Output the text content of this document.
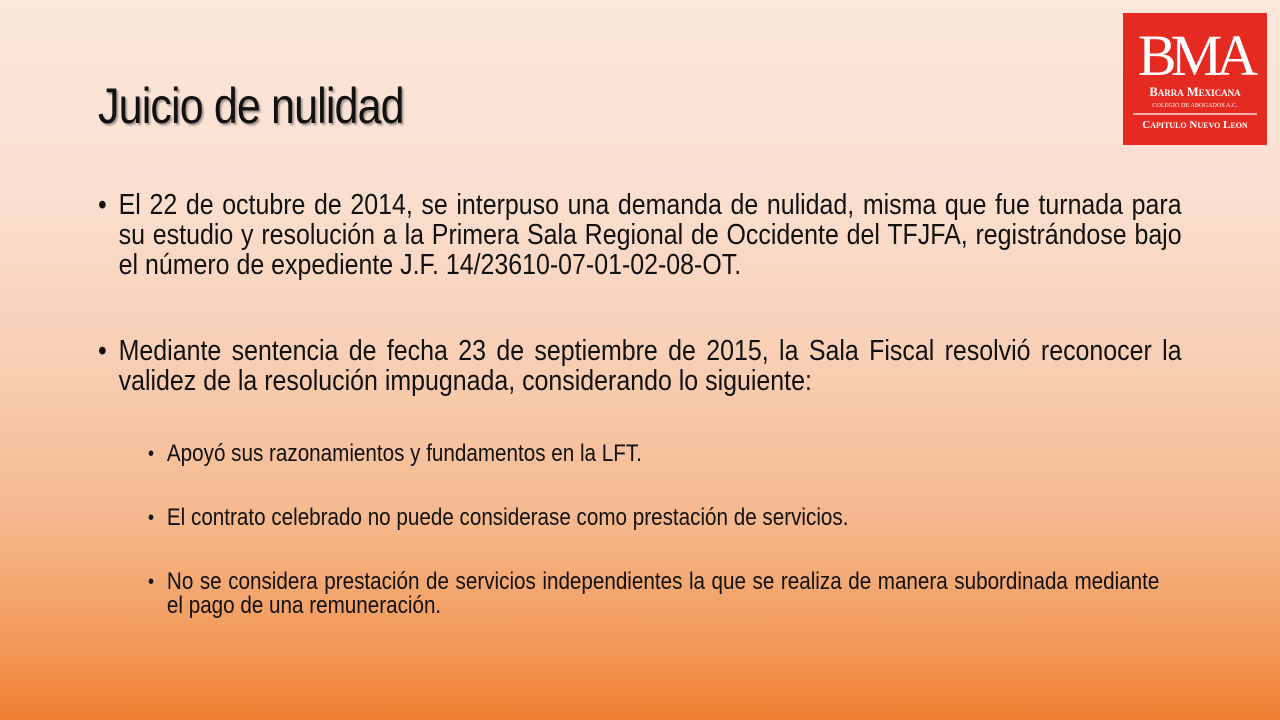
Juicio de nulidad
BMA
Barra Mexicana
COLEGIO DE ABOGADOS A.C.
Capitulo Nuevo Leon
• El 22 de octubre de 2014, se interpuso una demanda de nulidad, misma que fue turnada para su estudio y resolución a la Primera Sala Regional de Occidente del TFJFA, registrándose bajo el número de expediente J.F. 14/23610-07-01-02-08-OT.
• Mediante sentencia de fecha 23 de septiembre de 2015, la Sala Fiscal resolvió reconocer la validez de la resolución impugnada, considerando lo siguiente:
• Apoyó sus razonamientos y fundamentos en la LFT.
• El contrato celebrado no puede considerase como prestación de servicios.
• No se considera prestación de servicios independientes la que se realiza de manera subordinada mediante el pago de una remuneración.
